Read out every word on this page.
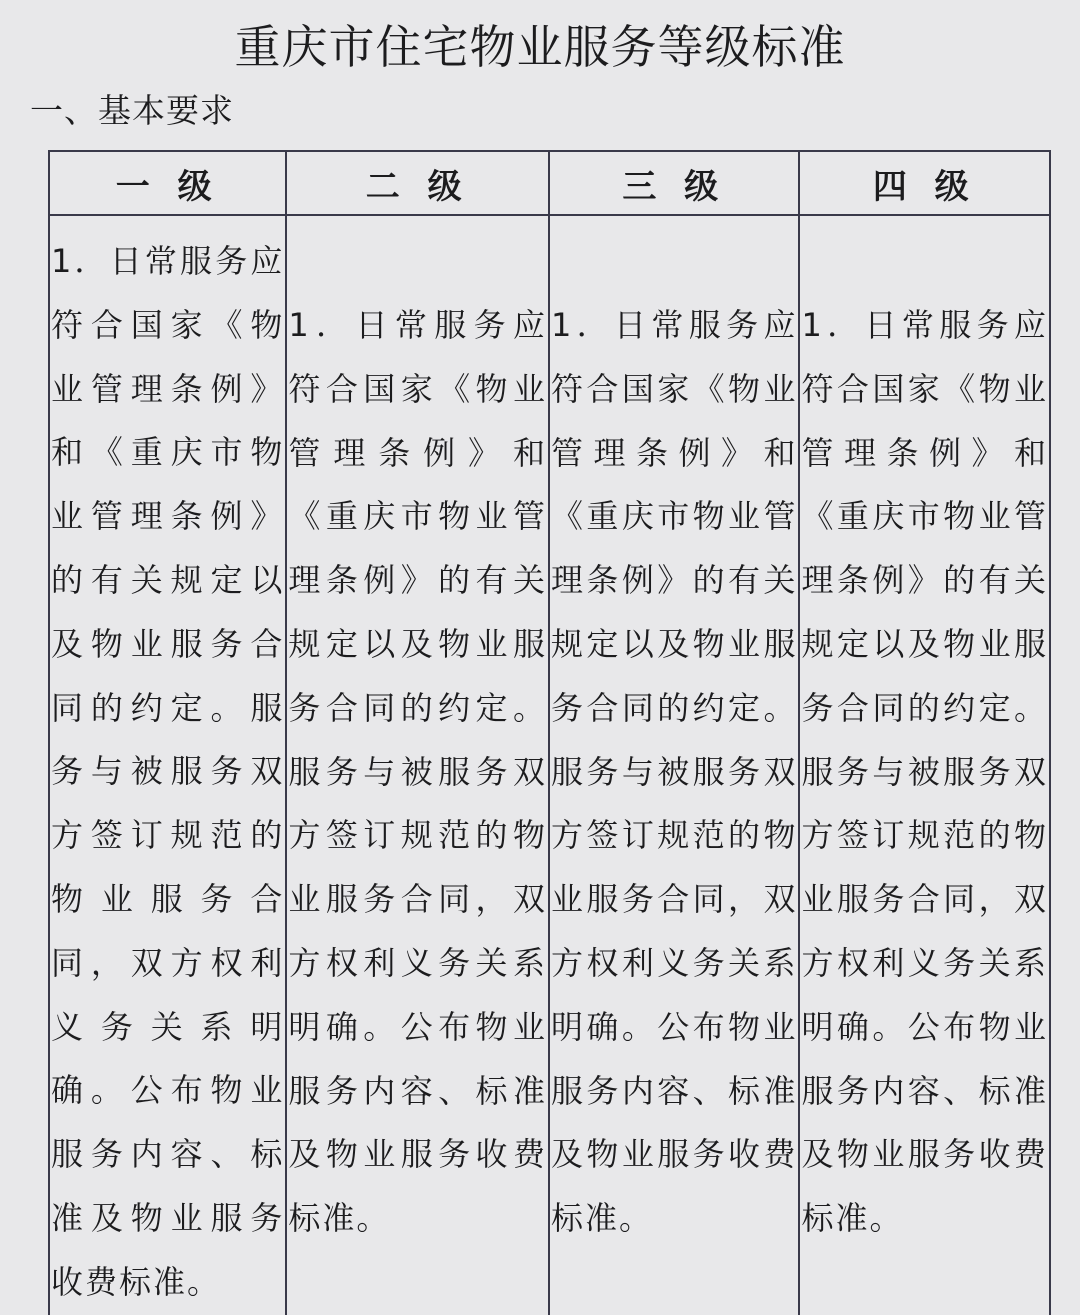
重庆市住宅物业服务等级标准
一、基本要求
一 级	二 级	三 级	四 级
1．日常服务应符合国家《物业管理条例》和《重庆市物业管理条例》的有关规定以及物业服务合同的约定。服务与被服务双方签订规范的物业服务合同，双方权利义务关系明确。公布物业服务内容、标准及物业服务收费标准。	1．日常服务应符合国家《物业管理条例》和《重庆市物业管理条例》的有关规定以及物业服务合同的约定。服务与被服务双方签订规范的物业服务合同，双方权利义务关系明确。公布物业服务内容、标准及物业服务收费标准。	1．日常服务应符合国家《物业管理条例》和《重庆市物业管理条例》的有关规定以及物业服务合同的约定。服务与被服务双方签订规范的物业服务合同，双方权利义务关系明确。公布物业服务内容、标准及物业服务收费标准。	1．日常服务应符合国家《物业管理条例》和《重庆市物业管理条例》的有关规定以及物业服务合同的约定。服务与被服务双方签订规范的物业服务合同，双方权利义务关系明确。公布物业服务内容、标准及物业服务收费标准。
